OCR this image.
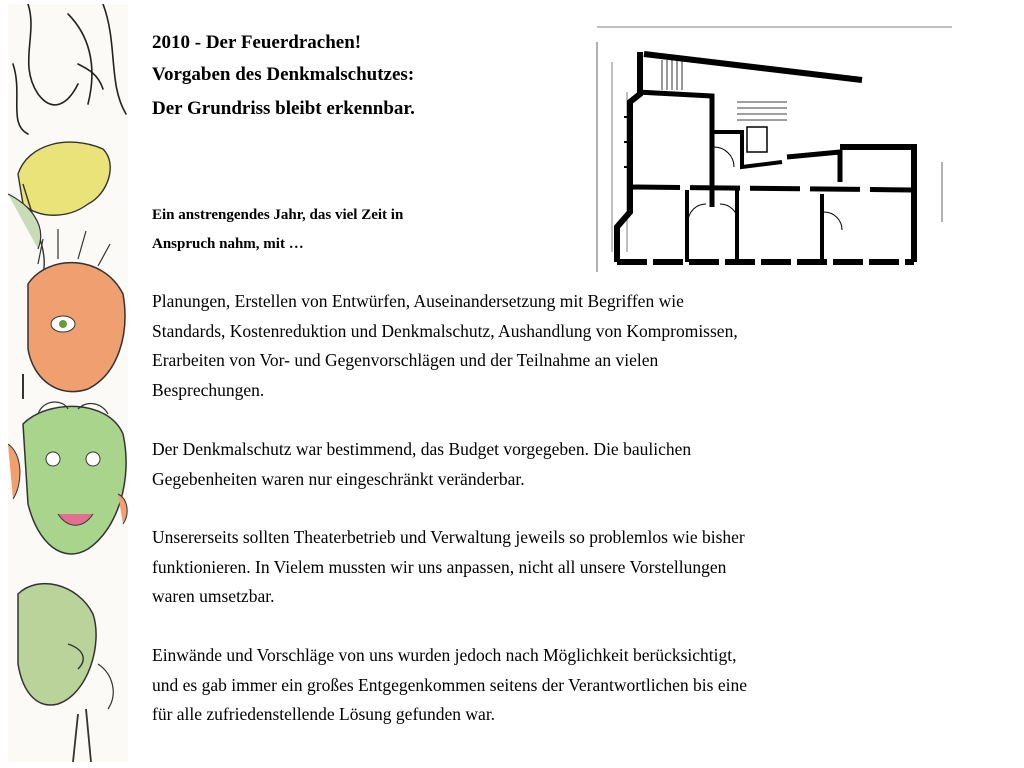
2010 - Der Feuerdrachen!
Vorgaben des Denkmalschutzes:
Der Grundriss bleibt erkennbar.
Ein anstrengendes Jahr, das viel Zeit in
Anspruch nahm, mit …
Planungen, Erstellen von Entwürfen, Auseinandersetzung mit Begriffen wie
Standards, Kostenreduktion und Denkmalschutz, Aushandlung von Kompromissen,
Erarbeiten von Vor- und Gegenvorschlägen und der Teilnahme an vielen
Besprechungen.
Der Denkmalschutz war bestimmend, das Budget vorgegeben. Die baulichen
Gegebenheiten waren nur eingeschränkt veränderbar.
Unsererseits sollten Theaterbetrieb und Verwaltung jeweils so problemlos wie bisher
funktionieren. In Vielem mussten wir uns anpassen, nicht all unsere Vorstellungen
waren umsetzbar.
Einwände und Vorschläge von uns wurden jedoch nach Möglichkeit berücksichtigt,
und es gab immer ein großes Entgegenkommen seitens der Verantwortlichen bis eine
für alle zufriedenstellende Lösung gefunden war.
